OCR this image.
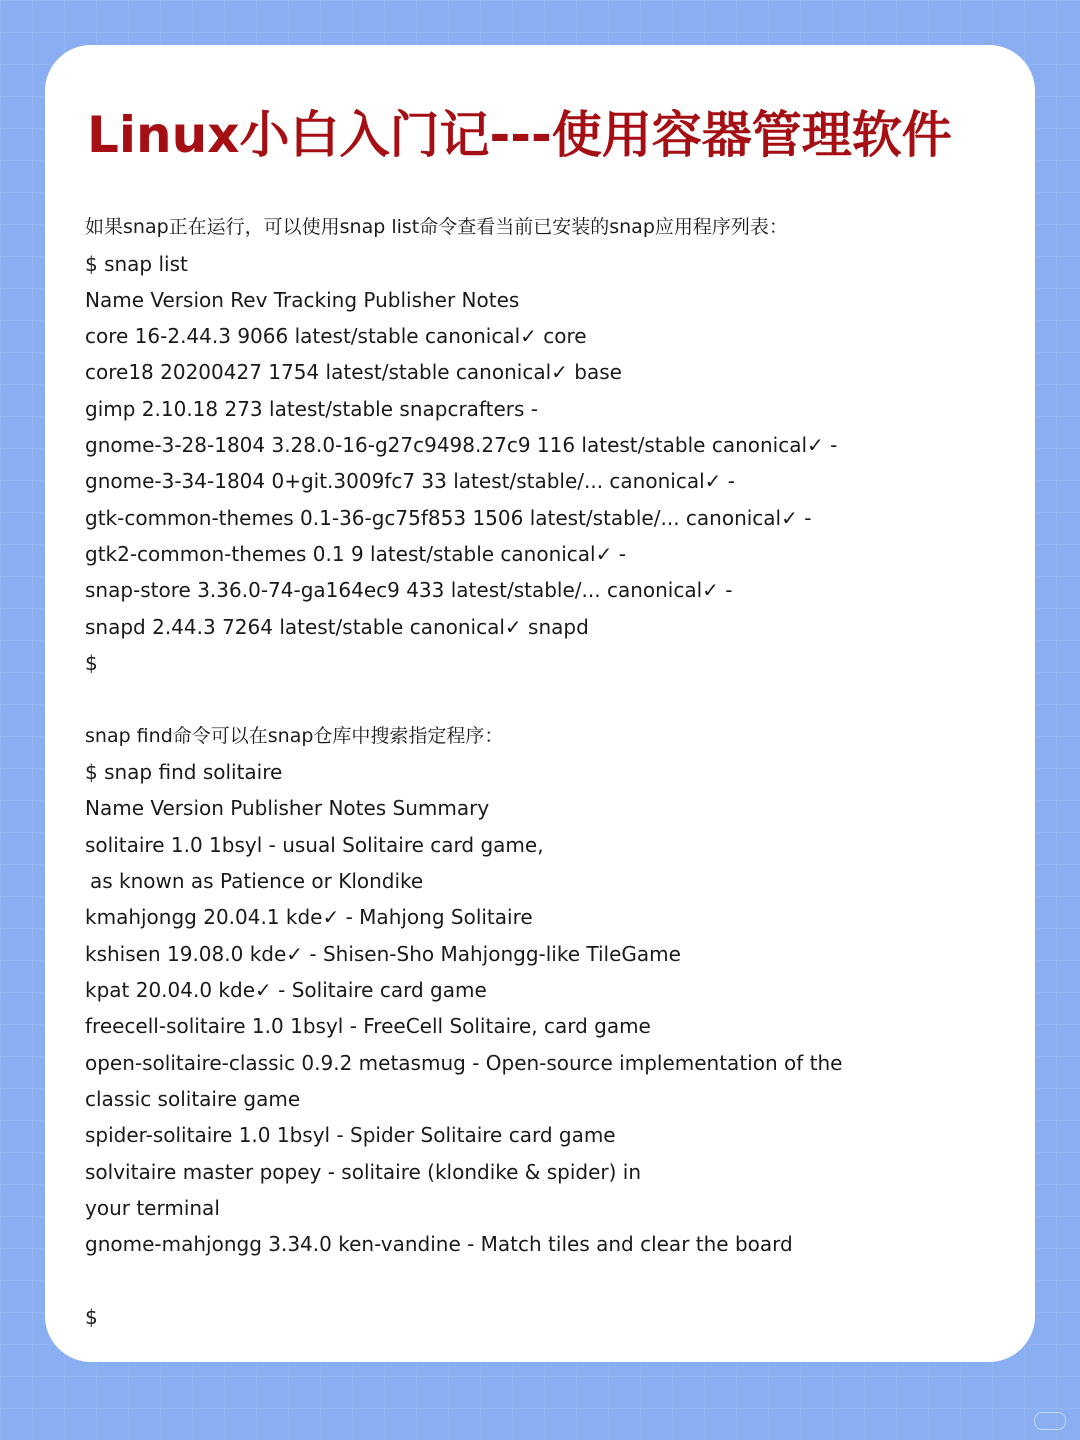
Linux小白入门记---使用容器管理软件
如果snap正在运行，可以使用snap list命令查看当前已安装的snap应用程序列表：
$ snap list
Name Version Rev Tracking Publisher Notes
core 16-2.44.3 9066 latest/stable canonical✓ core
core18 20200427 1754 latest/stable canonical✓ base
gimp 2.10.18 273 latest/stable snapcrafters -
gnome-3-28-1804 3.28.0-16-g27c9498.27c9 116 latest/stable canonical✓ -
gnome-3-34-1804 0+git.3009fc7 33 latest/stable/... canonical✓ -
gtk-common-themes 0.1-36-gc75f853 1506 latest/stable/... canonical✓ -
gtk2-common-themes 0.1 9 latest/stable canonical✓ -
snap-store 3.36.0-74-ga164ec9 433 latest/stable/... canonical✓ -
snapd 2.44.3 7264 latest/stable canonical✓ snapd
$
snap find命令可以在snap仓库中搜索指定程序：
$ snap find solitaire
Name Version Publisher Notes Summary
solitaire 1.0 1bsyl - usual Solitaire card game,
as known as Patience or Klondike
kmahjongg 20.04.1 kde✓ - Mahjong Solitaire
kshisen 19.08.0 kde✓ - Shisen-Sho Mahjongg-like TileGame
kpat 20.04.0 kde✓ - Solitaire card game
freecell-solitaire 1.0 1bsyl - FreeCell Solitaire, card game
open-solitaire-classic 0.9.2 metasmug - Open-source implementation of the
classic solitaire game
spider-solitaire 1.0 1bsyl - Spider Solitaire card game
solvitaire master popey - solitaire (klondike & spider) in
your terminal
gnome-mahjongg 3.34.0 ken-vandine - Match tiles and clear the board
$
